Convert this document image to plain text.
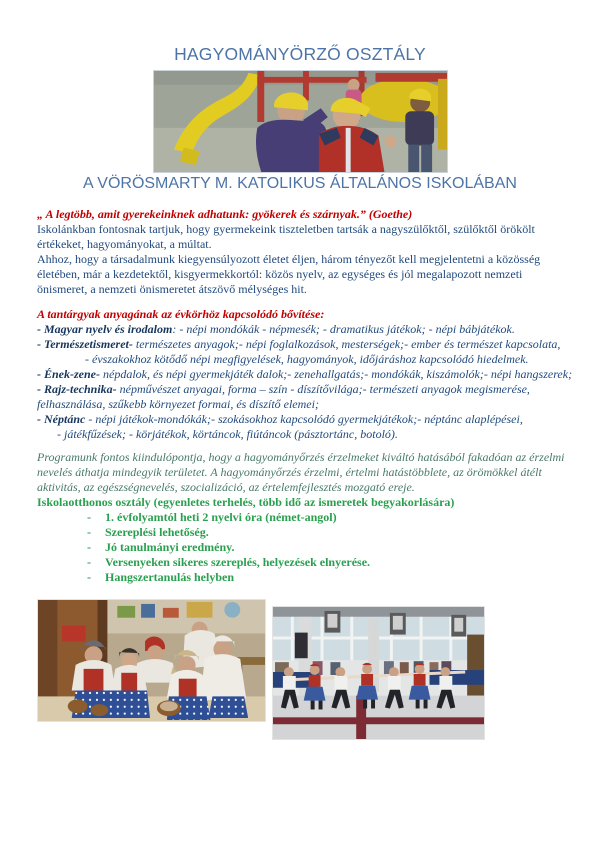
HAGYOMÁNYÖRZŐ OSZTÁLY
A VÖRÖSMARTY M. KATOLIKUS ÁLTALÁNOS ISKOLÁBAN

„ A legtöbb, amit gyerekeinknek adhatunk: gyökerek és szárnyak.” (Goethe)

Iskolánkban fontosnak tartjuk, hogy gyermekeink tiszteletben tartsák a nagyszülőktől, szülőktől örökölt értékeket, hagyományokat, a múltat.

Ahhoz, hogy a társadalmunk kiegyensúlyozott életet éljen, három tényezőt kell megjelentetni a közösség életében, már a kezdetektől, kisgyermekkortól: közös nyelv, az egységes és jól megalapozott nemzeti önismeret, a nemzeti önismeretet átszövő mélységes hit.

A tantárgyak anyagának az évkörhöz kapcsolódó bővítése:

- Magyar nyelv és irodalom: - népi mondókák - népmesék; - dramatikus játékok; - népi bábjátékok.

- Természetismeret- természetes anyagok;- népi foglalkozások, mesterségek;- ember és természet kapcsolata,

- évszakokhoz kötődő népi megfigyelések, hagyományok, időjáráshoz kapcsolódó hiedelmek.

- Ének-zene- népdalok, és népi gyermekjáték dalok;- zenehallgatás;- mondókák, kiszámolók;- népi hangszerek;

- Rajz-technika- népművészet anyagai, forma – szín - díszítővilága;- természeti anyagok megismerése, felhasználása, szűkebb környezet formai, és díszítő elemei;

- Néptánc - népi játékok-mondókák;- szokásokhoz kapcsolódó gyermekjátékok;- néptánc alaplépései,

- játékfűzések; - körjátékok, körtáncok, fiútáncok (pásztortánc, botoló).

Programunk fontos kiindulópontja, hogy a hagyományőrzés érzelmeket kiváltó hatásából fakadóan az érzelmi nevelés áthatja mindegyik területet. A hagyományőrzés érzelmi, értelmi hatástöbblete, az örömökkel átélt aktivitás, az egészségnevelés, szocializáció, az értelemfejlesztés mozgató ereje.

Iskolaotthonos osztály (egyenletes terhelés, több idő az ismeretek begyakorlására)

-	1. évfolyamtól heti 2 nyelvi óra (német-angol)

-	Szereplési lehetőség.

-	Jó tanulmányi eredmény.

-	Versenyeken sikeres szereplés, helyezések elnyerése.

-	Hangszertanulás helyben
